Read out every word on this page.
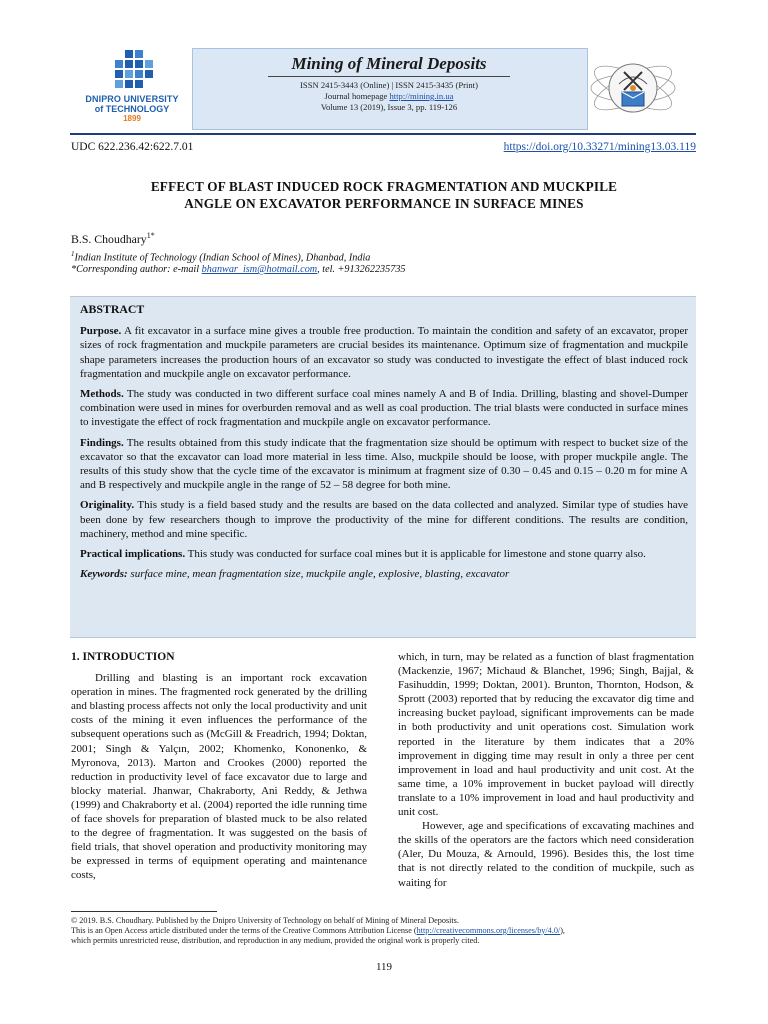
DNIPRO UNIVERSITY
of TECHNOLOGY
1899
Mining of Mineral Deposits
ISSN 2415-3443 (Online) | ISSN 2415-3435 (Print)
Journal homepage http://mining.in.ua
Volume 13 (2019), Issue 3, pp. 119-126
UDC 622.236.42:622.7.01	https://doi.org/10.33271/mining13.03.119
EFFECT OF BLAST INDUCED ROCK FRAGMENTATION AND MUCKPILE
ANGLE ON EXCAVATOR PERFORMANCE IN SURFACE MINES
B.S. Choudhary$^{1*}$
$^1$Indian Institute of Technology (Indian School of Mines), Dhanbad, India
*Corresponding author: e-mail bhanwar_ism@hotmail.com, tel. +913262235735
ABSTRACT

Purpose. A fit excavator in a surface mine gives a trouble free production. To maintain the condition and safety of an excavator, proper sizes of rock fragmentation and muckpile parameters are crucial besides its maintenance. Optimum size of fragmentation and muckpile shape parameters increases the production hours of an excavator so study was conducted to investigate the effect of blast induced rock fragmentation and muckpile angle on excavator performance.

Methods. The study was conducted in two different surface coal mines namely A and B of India. Drilling, blasting and shovel-Dumper combination were used in mines for overburden removal and as well as coal production. The trial blasts were conducted in surface mines to investigate the effect of rock fragmentation and muckpile angle on excavator performance.

Findings. The results obtained from this study indicate that the fragmentation size should be optimum with respect to bucket size of the excavator so that the excavator can load more material in less time. Also, muckpile should be loose, with proper muckpile angle. The results of this study show that the cycle time of the excavator is minimum at fragment size of 0.30 – 0.45 and 0.15 – 0.20 m for mine A and B respectively and muckpile angle in the range of 52 – 58 degree for both mine.

Originality. This study is a field based study and the results are based on the data collected and analyzed. Similar type of studies have been done by few researchers though to improve the productivity of the mine for different conditions. The results are condition, machinery, method and mine specific.

Practical implications. This study was conducted for surface coal mines but it is applicable for limestone and stone quarry also.

Keywords: surface mine, mean fragmentation size, muckpile angle, explosive, blasting, excavator

1. INTRODUCTION

Drilling and blasting is an important rock excavation operation in mines. The fragmented rock generated by the drilling and blasting process affects not only the local productivity and unit costs of the mining it even influences the performance of the subsequent operations such as (McGill & Freadrich, 1994; Doktan, 2001; Singh & Yalçın, 2002; Khomenko, Kononenko, & Myronova, 2013). Marton and Crookes (2000) reported the reduction in productivity level of face excavator due to large and blocky material. Jhanwar, Chakraborty, Ani Reddy, & Jethwa (1999) and Chakraborty et al. (2004) reported the idle running time of face shovels for preparation of blasted muck to be also related to the degree of fragmentation. It was suggested on the basis of field trials, that shovel operation and productivity monitoring may be expressed in terms of equipment operating and maintenance costs,

which, in turn, may be related as a function of blast fragmentation (Mackenzie, 1967; Michaud & Blanchet, 1996; Singh, Bajjal, & Fasihuddin, 1999; Doktan, 2001). Brunton, Thornton, Hodson, & Sprott (2003) reported that by reducing the excavator dig time and increasing bucket payload, significant improvements can be made in both productivity and unit operations cost. Simulation work reported in the literature by them indicates that a 20% improvement in digging time may result in only a three per cent improvement in load and haul productivity and unit cost. At the same time, a 10% improvement in bucket payload will directly translate to a 10% improvement in load and haul productivity and unit cost.

However, age and specifications of excavating machines and the skills of the operators are the factors which need consideration (Aler, Du Mouza, & Arnould, 1996). Besides this, the lost time that is not directly related to the condition of muckpile, such as waiting for

© 2019. B.S. Choudhary. Published by the Dnipro University of Technology on behalf of Mining of Mineral Deposits.
This is an Open Access article distributed under the terms of the Creative Commons Attribution License (http://creativecommons.org/licenses/by/4.0/),
which permits unrestricted reuse, distribution, and reproduction in any medium, provided the original work is properly cited.
119
